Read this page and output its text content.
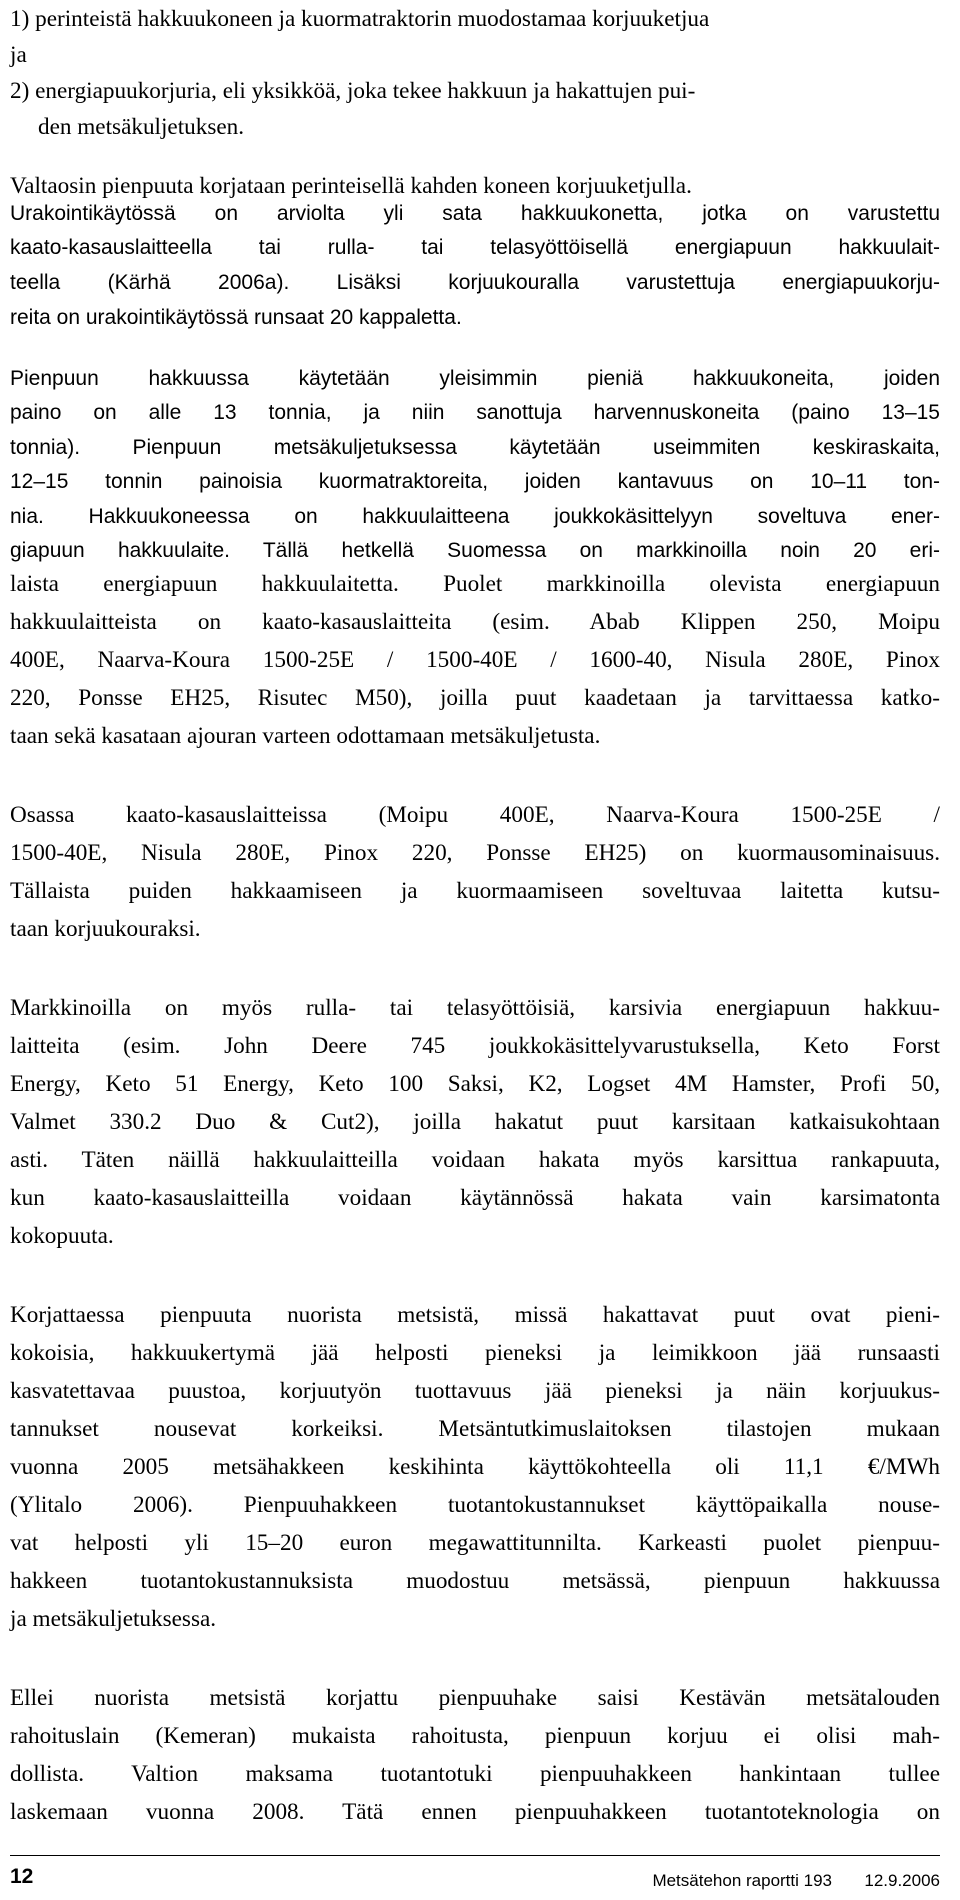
1) perinteistä hakkuukoneen ja kuormatraktorin muodostamaa korjuuketjua
ja
2) energiapuukorjuria, eli yksikköä, joka tekee hakkuun ja hakattujen pui-
den metsäkuljetuksen.
Valtaosin pienpuuta korjataan perinteisellä kahden koneen korjuuketjulla.
Urakointikäytössä on arviolta yli sata hakkuukonetta, jotka on varustettu
kaato-kasauslaitteella tai rulla- tai telasyöttöisellä energiapuun hakkuulait-
teella (Kärhä 2006a). Lisäksi korjuukouralla varustettuja energiapuukorju-
reita on urakointikäytössä runsaat 20 kappaletta.
Pienpuun hakkuussa käytetään yleisimmin pieniä hakkuukoneita, joiden
paino on alle 13 tonnia, ja niin sanottuja harvennuskoneita (paino 13–15
tonnia). Pienpuun metsäkuljetuksessa käytetään useimmiten keskiraskaita,
12–15 tonnin painoisia kuormatraktoreita, joiden kantavuus on 10–11 ton-
nia. Hakkuukoneessa on hakkuulaitteena joukkokäsittelyyn soveltuva ener-
giapuun hakkuulaite. Tällä hetkellä Suomessa on markkinoilla noin 20 eri-
laista energiapuun hakkuulaitetta. Puolet markkinoilla olevista energiapuun
hakkuulaitteista on kaato-kasauslaitteita (esim. Abab Klippen 250, Moipu
400E, Naarva-Koura 1500-25E / 1500-40E / 1600-40, Nisula 280E, Pinox
220, Ponsse EH25, Risutec M50), joilla puut kaadetaan ja tarvittaessa katko-
taan sekä kasataan ajouran varteen odottamaan metsäkuljetusta.
Osassa kaato-kasauslaitteissa (Moipu 400E, Naarva-Koura 1500-25E /
1500-40E, Nisula 280E, Pinox 220, Ponsse EH25) on kuormausominaisuus.
Tällaista puiden hakkaamiseen ja kuormaamiseen soveltuvaa laitetta kutsu-
taan korjuukouraksi.
Markkinoilla on myös rulla- tai telasyöttöisiä, karsivia energiapuun hakkuu-
laitteita (esim. John Deere 745 joukkokäsittelyvarustuksella, Keto Forst
Energy, Keto 51 Energy, Keto 100 Saksi, K2, Logset 4M Hamster, Profi 50,
Valmet 330.2 Duo & Cut2), joilla hakatut puut karsitaan katkaisukohtaan
asti. Täten näillä hakkuulaitteilla voidaan hakata myös karsittua rankapuuta,
kun kaato-kasauslaitteilla voidaan käytännössä hakata vain karsimatonta
kokopuuta.
Korjattaessa pienpuuta nuorista metsistä, missä hakattavat puut ovat pieni-
kokoisia, hakkuukertymä jää helposti pieneksi ja leimikkoon jää runsaasti
kasvatettavaa puustoa, korjuutyön tuottavuus jää pieneksi ja näin korjuukus-
tannukset nousevat korkeiksi. Metsäntutkimuslaitoksen tilastojen mukaan
vuonna 2005 metsähakkeen keskihinta käyttökohteella oli 11,1 €/MWh
(Ylitalo 2006). Pienpuuhakkeen tuotantokustannukset käyttöpaikalla nouse-
vat helposti yli 15–20 euron megawattitunnilta. Karkeasti puolet pienpuu-
hakkeen tuotantokustannuksista muodostuu metsässä, pienpuun hakkuussa
ja metsäkuljetuksessa.
Ellei nuorista metsistä korjattu pienpuuhake saisi Kestävän metsätalouden
rahoituslain (Kemeran) mukaista rahoitusta, pienpuun korjuu ei olisi mah-
dollista. Valtion maksama tuotantotuki pienpuuhakkeen hankintaan tullee
laskemaan vuonna 2008. Tätä ennen pienpuuhakkeen tuotantoteknologia on
12	Metsätehon raportti 193 12.9.2006
